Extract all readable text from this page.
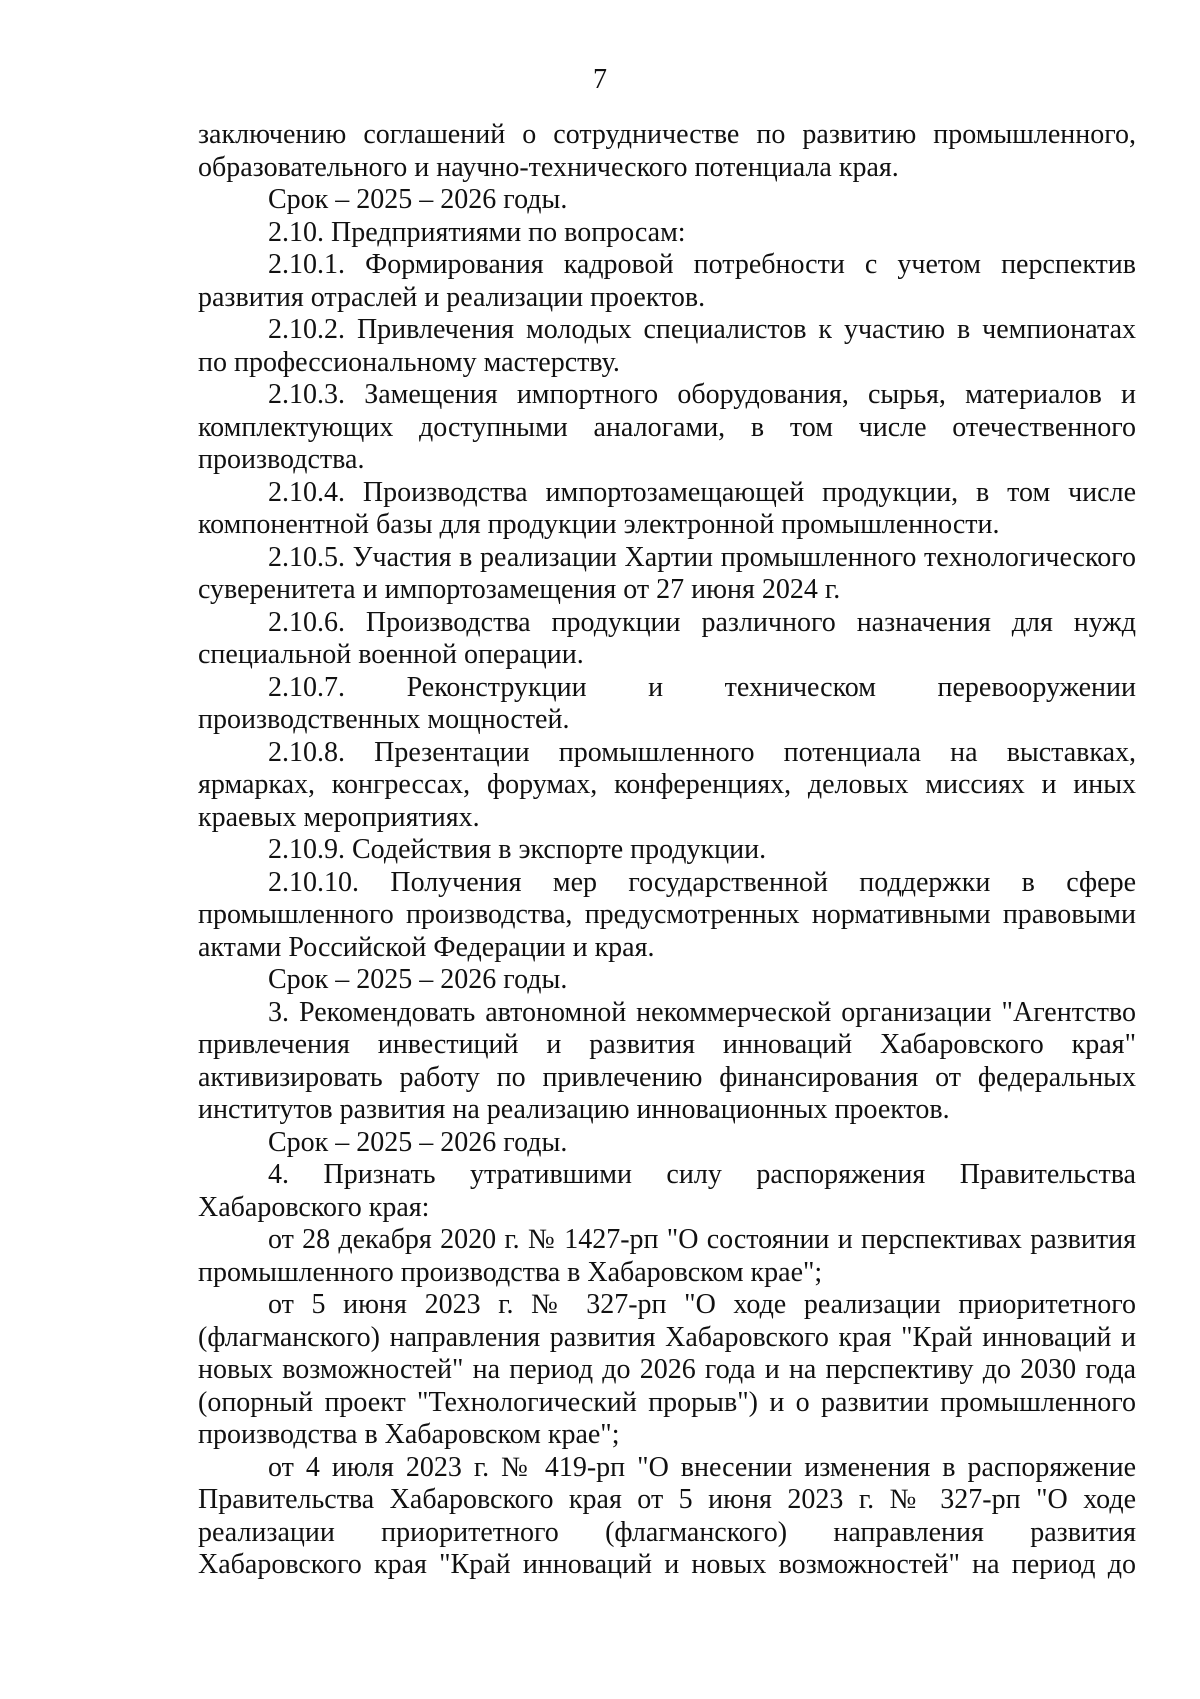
7

заключению соглашений о сотрудничестве по развитию промышленного, образовательного и научно-технического потенциала края.

Срок – 2025 – 2026 годы.

2.10. Предприятиями по вопросам:

2.10.1. Формирования кадровой потребности с учетом перспектив развития отраслей и реализации проектов.

2.10.2. Привлечения молодых специалистов к участию в чемпионатах по профессиональному мастерству.

2.10.3. Замещения импортного оборудования, сырья, материалов и комплектующих доступными аналогами, в том числе отечественного производства.

2.10.4. Производства импортозамещающей продукции, в том числе компонентной базы для продукции электронной промышленности.

2.10.5. Участия в реализации Хартии промышленного технологического суверенитета и импортозамещения от 27 июня 2024 г.

2.10.6. Производства продукции различного назначения для нужд специальной военной операции.

2.10.7. Реконструкции и техническом перевооружении производственных мощностей.

2.10.8. Презентации промышленного потенциала на выставках, ярмарках, конгрессах, форумах, конференциях, деловых миссиях и иных краевых мероприятиях.

2.10.9. Содействия в экспорте продукции.

2.10.10. Получения мер государственной поддержки в сфере промышленного производства, предусмотренных нормативными правовыми актами Российской Федерации и края.

Срок – 2025 – 2026 годы.

3. Рекомендовать автономной некоммерческой организации "Агентство привлечения инвестиций и развития инноваций Хабаровского края" активизировать работу по привлечению финансирования от федеральных институтов развития на реализацию инновационных проектов.

Срок – 2025 – 2026 годы.

4. Признать утратившими силу распоряжения Правительства Хабаровского края:

от 28 декабря 2020 г. № 1427-рп "О состоянии и перспективах развития промышленного производства в Хабаровском крае";

от 5 июня 2023 г. № 327-рп "О ходе реализации приоритетного (флагманского) направления развития Хабаровского края "Край инноваций и новых возможностей" на период до 2026 года и на перспективу до 2030 года (опорный проект "Технологический прорыв") и о развитии промышленного производства в Хабаровском крае";

от 4 июля 2023 г. № 419-рп "О внесении изменения в распоряжение Правительства Хабаровского края от 5 июня 2023 г. № 327-рп "О ходе реализации приоритетного (флагманского) направления развития Хабаровского края "Край инноваций и новых возможностей" на период до
